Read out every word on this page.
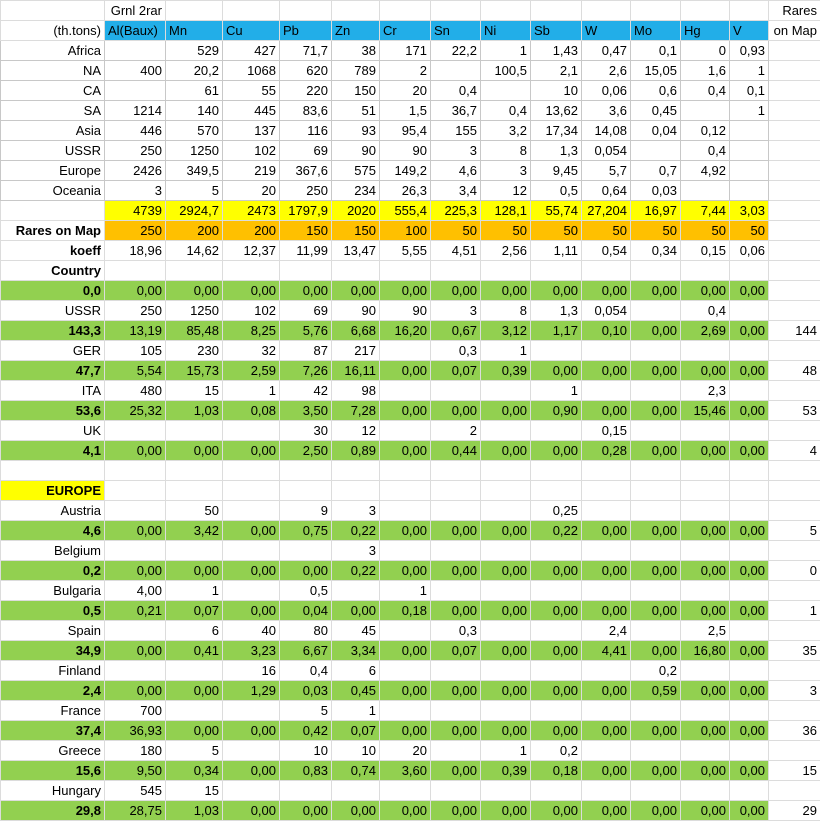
	Grnl 2rar													Rares
(th.tons)	Al(Baux)	Mn	Cu	Pb	Zn	Cr	Sn	Ni	Sb	W	Mo	Hg	V	on Map
Africa		529	427	71,7	38	171	22,2	1	1,43	0,47	0,1	0	0,93	
NA	400	20,2	1068	620	789	2		100,5	2,1	2,6	15,05	1,6	1	
CA		61	55	220	150	20	0,4		10	0,06	0,6	0,4	0,1	
SA	1214	140	445	83,6	51	1,5	36,7	0,4	13,62	3,6	0,45		1	
Asia	446	570	137	116	93	95,4	155	3,2	17,34	14,08	0,04	0,12		
USSR	250	1250	102	69	90	90	3	8	1,3	0,054		0,4		
Europe	2426	349,5	219	367,6	575	149,2	4,6	3	9,45	5,7	0,7	4,92		
Oceania	3	5	20	250	234	26,3	3,4	12	0,5	0,64	0,03			
	4739	2924,7	2473	1797,9	2020	555,4	225,3	128,1	55,74	27,204	16,97	7,44	3,03	
Rares on Map	250	200	200	150	150	100	50	50	50	50	50	50	50	
koeff	18,96	14,62	12,37	11,99	13,47	5,55	4,51	2,56	1,11	0,54	0,34	0,15	0,06	
Country														
0,0	0,00	0,00	0,00	0,00	0,00	0,00	0,00	0,00	0,00	0,00	0,00	0,00	0,00	
USSR	250	1250	102	69	90	90	3	8	1,3	0,054		0,4		
143,3	13,19	85,48	8,25	5,76	6,68	16,20	0,67	3,12	1,17	0,10	0,00	2,69	0,00	144
GER	105	230	32	87	217		0,3	1						
47,7	5,54	15,73	2,59	7,26	16,11	0,00	0,07	0,39	0,00	0,00	0,00	0,00	0,00	48
ITA	480	15	1	42	98				1			2,3		
53,6	25,32	1,03	0,08	3,50	7,28	0,00	0,00	0,00	0,90	0,00	0,00	15,46	0,00	53
UK				30	12		2			0,15				
4,1	0,00	0,00	0,00	2,50	0,89	0,00	0,44	0,00	0,00	0,28	0,00	0,00	0,00	4

EUROPE														
Austria		50		9	3				0,25					
4,6	0,00	3,42	0,00	0,75	0,22	0,00	0,00	0,00	0,22	0,00	0,00	0,00	0,00	5
Belgium					3									
0,2	0,00	0,00	0,00	0,00	0,22	0,00	0,00	0,00	0,00	0,00	0,00	0,00	0,00	0
Bulgaria	4,00	1		0,5		1								
0,5	0,21	0,07	0,00	0,04	0,00	0,18	0,00	0,00	0,00	0,00	0,00	0,00	0,00	1
Spain		6	40	80	45		0,3			2,4		2,5		
34,9	0,00	0,41	3,23	6,67	3,34	0,00	0,07	0,00	0,00	4,41	0,00	16,80	0,00	35
Finland			16	0,4	6						0,2			
2,4	0,00	0,00	1,29	0,03	0,45	0,00	0,00	0,00	0,00	0,00	0,59	0,00	0,00	3
France	700			5	1									
37,4	36,93	0,00	0,00	0,42	0,07	0,00	0,00	0,00	0,00	0,00	0,00	0,00	0,00	36
Greece	180	5		10	10	20		1	0,2					
15,6	9,50	0,34	0,00	0,83	0,74	3,60	0,00	0,39	0,18	0,00	0,00	0,00	0,00	15
Hungary	545	15												
29,8	28,75	1,03	0,00	0,00	0,00	0,00	0,00	0,00	0,00	0,00	0,00	0,00	0,00	29
